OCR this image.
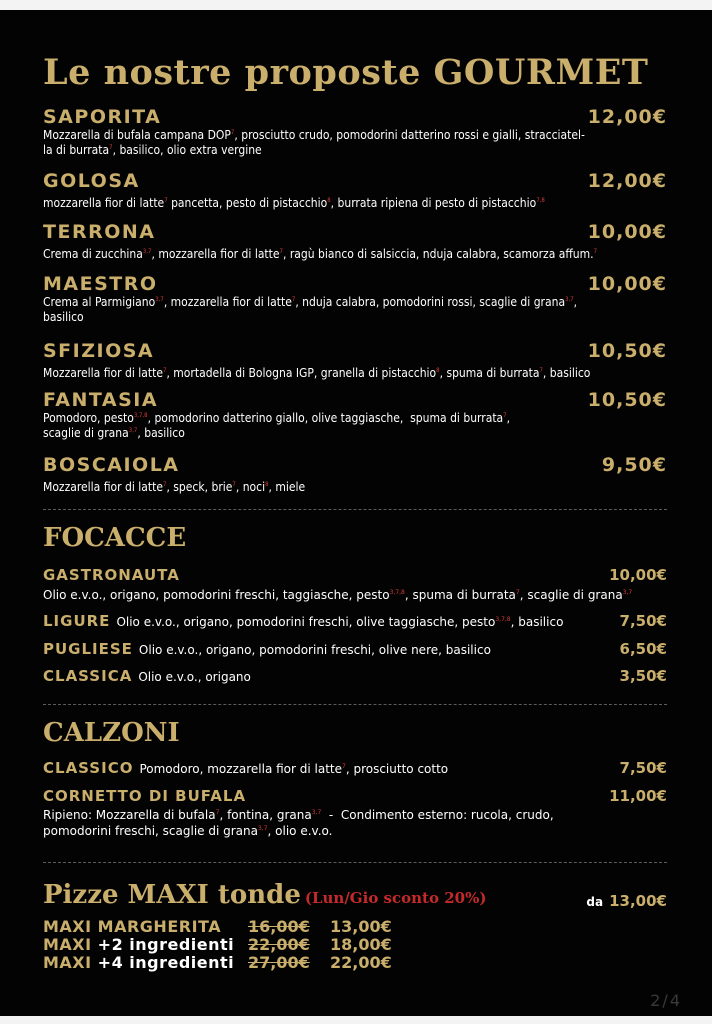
Le nostre proposte GOURMET
SAPORITA	12,00€
Mozzarella di bufala campana DOP$^7$, prosciutto crudo, pomodorini datterino rossi e gialli, stracciatel-
la di burrata$^7$, basilico, olio extra vergine
GOLOSA	12,00€
mozzarella fior di latte$^7$ pancetta, pesto di pistacchio$^8$, burrata ripiena di pesto di pistacchio$^{7,8}$
TERRONA	10,00€
Crema di zucchina$^{3,7}$, mozzarella fior di latte$^7$, ragù bianco di salsiccia, nduja calabra, scamorza affum.$^7$
MAESTRO	10,00€
Crema al Parmigiano$^{3,7}$, mozzarella fior di latte$^7$, nduja calabra, pomodorini rossi, scaglie di grana$^{3,7}$,
basilico
SFIZIOSA	10,50€
Mozzarella fior di latte$^7$, mortadella di Bologna IGP, granella di pistacchio$^8$, spuma di burrata$^7$, basilico
FANTASIA	10,50€
Pomodoro, pesto$^{3,7,8}$, pomodorino datterino giallo, olive taggiasche,  spuma di burrata$^7$,
scaglie di grana$^{3,7}$, basilico
BOSCAIOLA	9,50€
Mozzarella fior di latte$^7$, speck, brie$^7$, noci$^8$, miele
FOCACCE
GASTRONAUTA	10,00€
Olio e.v.o., origano, pomodorini freschi, taggiasche, pesto$^{3,7,8}$, spuma di burrata$^7$, scaglie di grana$^{3,7}$
LIGURE Olio e.v.o., origano, pomodorini freschi, olive taggiasche, pesto$^{3,7,8}$, basilico	7,50€
PUGLIESE Olio e.v.o., origano, pomodorini freschi, olive nere, basilico	6,50€
CLASSICA Olio e.v.o., origano	3,50€
CALZONI
CLASSICO Pomodoro, mozzarella fior di latte$^7$, prosciutto cotto	7,50€
CORNETTO DI BUFALA	11,00€
Ripieno: Mozzarella di bufala$^7$, fontina, grana$^{3,7}$  -  Condimento esterno: rucola, crudo,
pomodorini freschi, scaglie di grana$^{3,7}$, olio e.v.o.
Pizze MAXI tonde (Lun/Gio sconto 20%)	da 13,00€
MAXI MARGHERITA 16,00€ 13,00€
MAXI +2 ingredienti 22,00€ 18,00€
MAXI +4 ingredienti 27,00€ 22,00€
2/4
